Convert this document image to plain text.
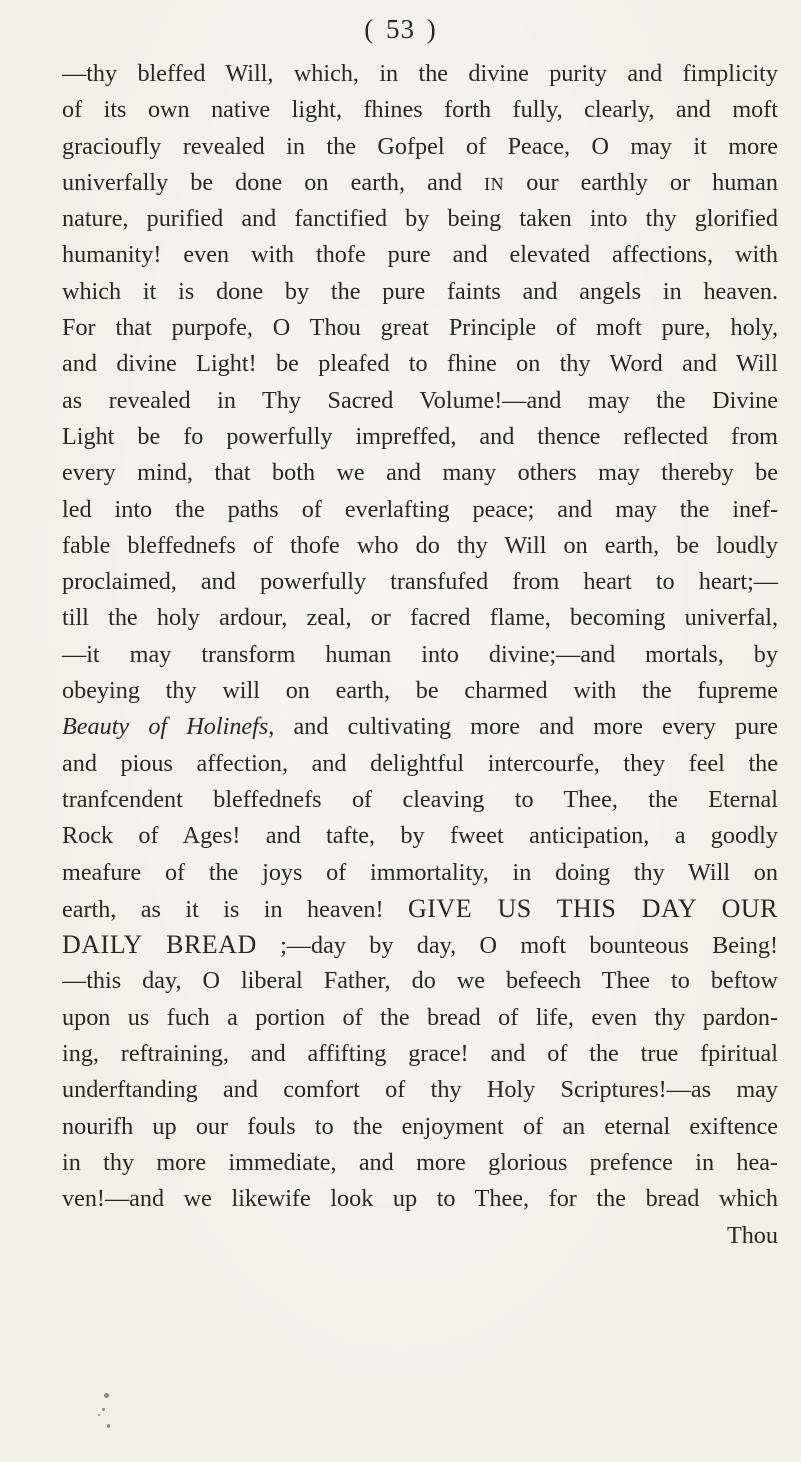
( 53 )
—thy bleffed Will, which, in the divine purity and fimplicity
of its own native light, fhines forth fully, clearly, and moft
gracioufly revealed in the Gofpel of Peace, O may it more
univerfally be done on earth, and IN our earthly or human
nature, purified and fanctified by being taken into thy glorified
humanity! even with thofe pure and elevated affections, with
which it is done by the pure faints and angels in heaven.
For that purpofe, O Thou great Principle of moft pure, holy,
and divine Light! be pleafed to fhine on thy Word and Will
as revealed in Thy Sacred Volume!—and may the Divine
Light be fo powerfully impreffed, and thence reflected from
every mind, that both we and many others may thereby be
led into the paths of everlafting peace; and may the inef-
fable bleffednefs of thofe who do thy Will on earth, be loudly
proclaimed, and powerfully transfufed from heart to heart;—
till the holy ardour, zeal, or facred flame, becoming univerfal,
—it may transform human into divine;—and mortals, by
obeying thy will on earth, be charmed with the fupreme
Beauty of Holinefs, and cultivating more and more every pure
and pious affection, and delightful intercourfe, they feel the
tranfcendent bleffednefs of cleaving to Thee, the Eternal
Rock of Ages! and tafte, by fweet anticipation, a goodly
meafure of the joys of immortality, in doing thy Will on
earth, as it is in heaven! GIVE US THIS DAY OUR
DAILY BREAD ;—day by day, O moft bounteous Being!
—this day, O liberal Father, do we befeech Thee to beftow
upon us fuch a portion of the bread of life, even thy pardon-
ing, reftraining, and affifting grace! and of the true fpiritual
underftanding and comfort of thy Holy Scriptures!—as may
nourifh up our fouls to the enjoyment of an eternal exiftence
in thy more immediate, and more glorious prefence in hea-
ven!—and we likewife look up to Thee, for the bread which
Thou
